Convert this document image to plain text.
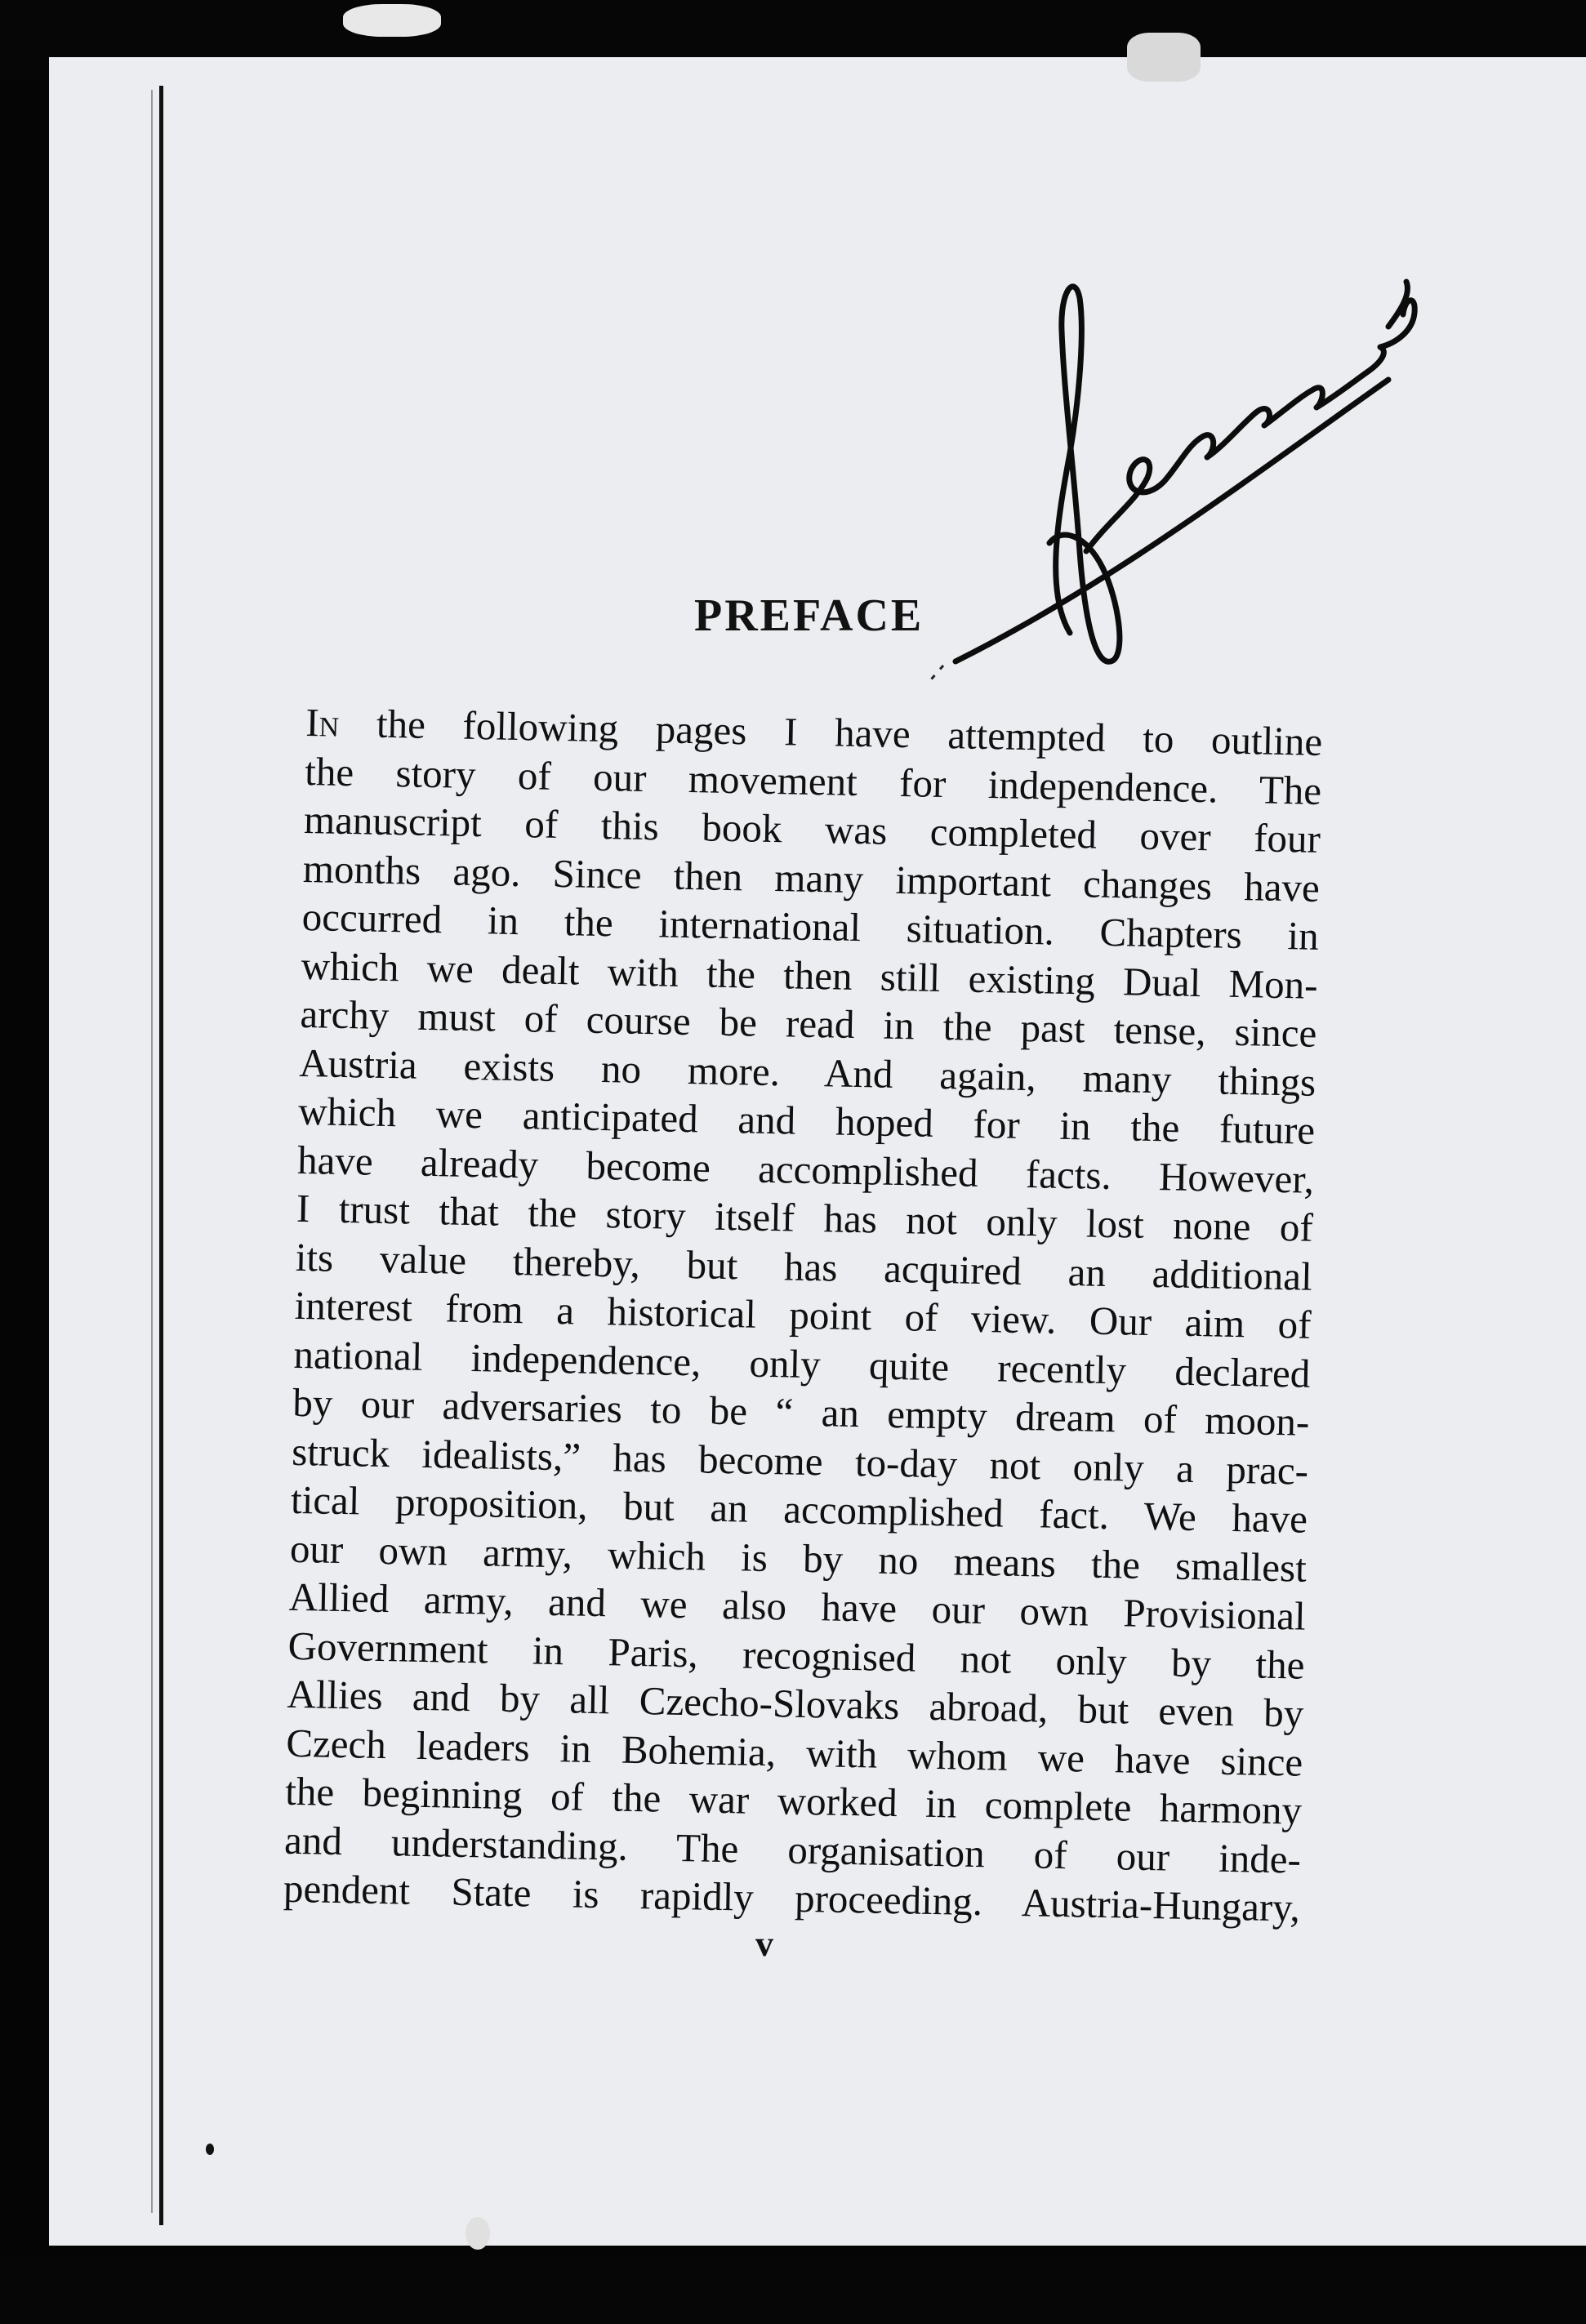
PREFACE
In the following pages I have attempted to outline
the story of our movement for independence. The
manuscript of this book was completed over four
months ago. Since then many important changes have
occurred in the international situation. Chapters in
which we dealt with the then still existing Dual Mon-
archy must of course be read in the past tense, since
Austria exists no more. And again, many things
which we anticipated and hoped for in the future
have already become accomplished facts. However,
I trust that the story itself has not only lost none of
its value thereby, but has acquired an additional
interest from a historical point of view. Our aim of
national independence, only quite recently declared
by our adversaries to be “ an empty dream of moon-
struck idealists,” has become to-day not only a prac-
tical proposition, but an accomplished fact. We have
our own army, which is by no means the smallest
Allied army, and we also have our own Provisional
Government in Paris, recognised not only by the
Allies and by all Czecho-Slovaks abroad, but even by
Czech leaders in Bohemia, with whom we have since
the beginning of the war worked in complete harmony
and understanding. The organisation of our inde-
pendent State is rapidly proceeding. Austria-Hungary,
v
